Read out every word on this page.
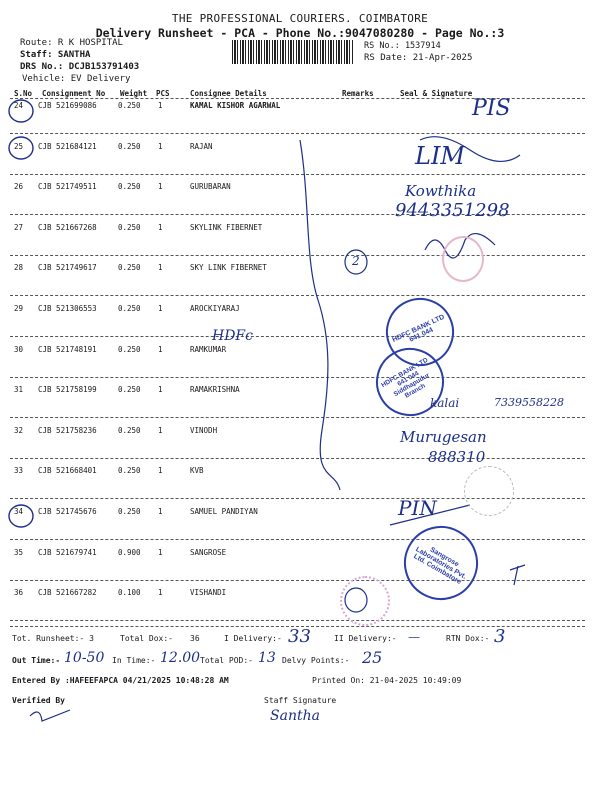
THE PROFESSIONAL COURIERS. COIMBATORE
Delivery Runsheet - PCA - Phone No.:9047080280 - Page No.:3
Route: R K HOSPITAL
Staff: SANTHA
DRS No.: DCJB153791403
Vehicle: EV Delivery
RS No.: 1537914
RS Date: 21-Apr-2025
S.No Consignment No Weight PCS	Consignee Details	Remarks	Seal & Signature
24 CJB 521699086	0.250 1	KAMAL KISHOR AGARWAL
25 CJB 521684121	0.250 1	RAJAN
26 CJB 521749511	0.250 1	GURUBARAN
27 CJB 521667268	0.250 1	SKYLINK FIBERNET
28 CJB 521749617	0.250 1	SKY LINK FIBERNET
29 CJB 521306553	0.250 1	AROCKIYARAJ
30 CJB 521748191	0.250 1	RAMKUMAR
31 CJB 521758199	0.250 1	RAMAKRISHNA
32 CJB 521758236	0.250 1	VINODH
33 CJB 521668401	0.250 1	KVB
34 CJB 521745676	0.250 1	SAMUEL PANDIYAN
35 CJB 521679741	0.900 1	SANGROSE
36 CJB 521667282	0.100 1	VISHANDI
HDFC BANK LTD 641 044
HDFC BANK LTD 641 044 Siddhapudur Branch
Sangrose Laboratories Pvt. Ltd. Coimbatore
PIS
LIM
Kowthika
9443351298
HDFc
kalai	7339558228
Murugesan
888310
PIN
2
Tot. Runsheet:- 3	Total Dox:- 36	I Delivery:- 33	II Delivery:- —	RTN Dox:- 3
Out Time:- 10-50 In Time:- 12.00 Total POD:- 13 Delvy Points:- 25
Entered By :HAFEEFAPCA 04/21/2025 10:48:28 AM	Printed On: 21-04-2025 10:49:09
Verified By	Staff Signature
Santha
